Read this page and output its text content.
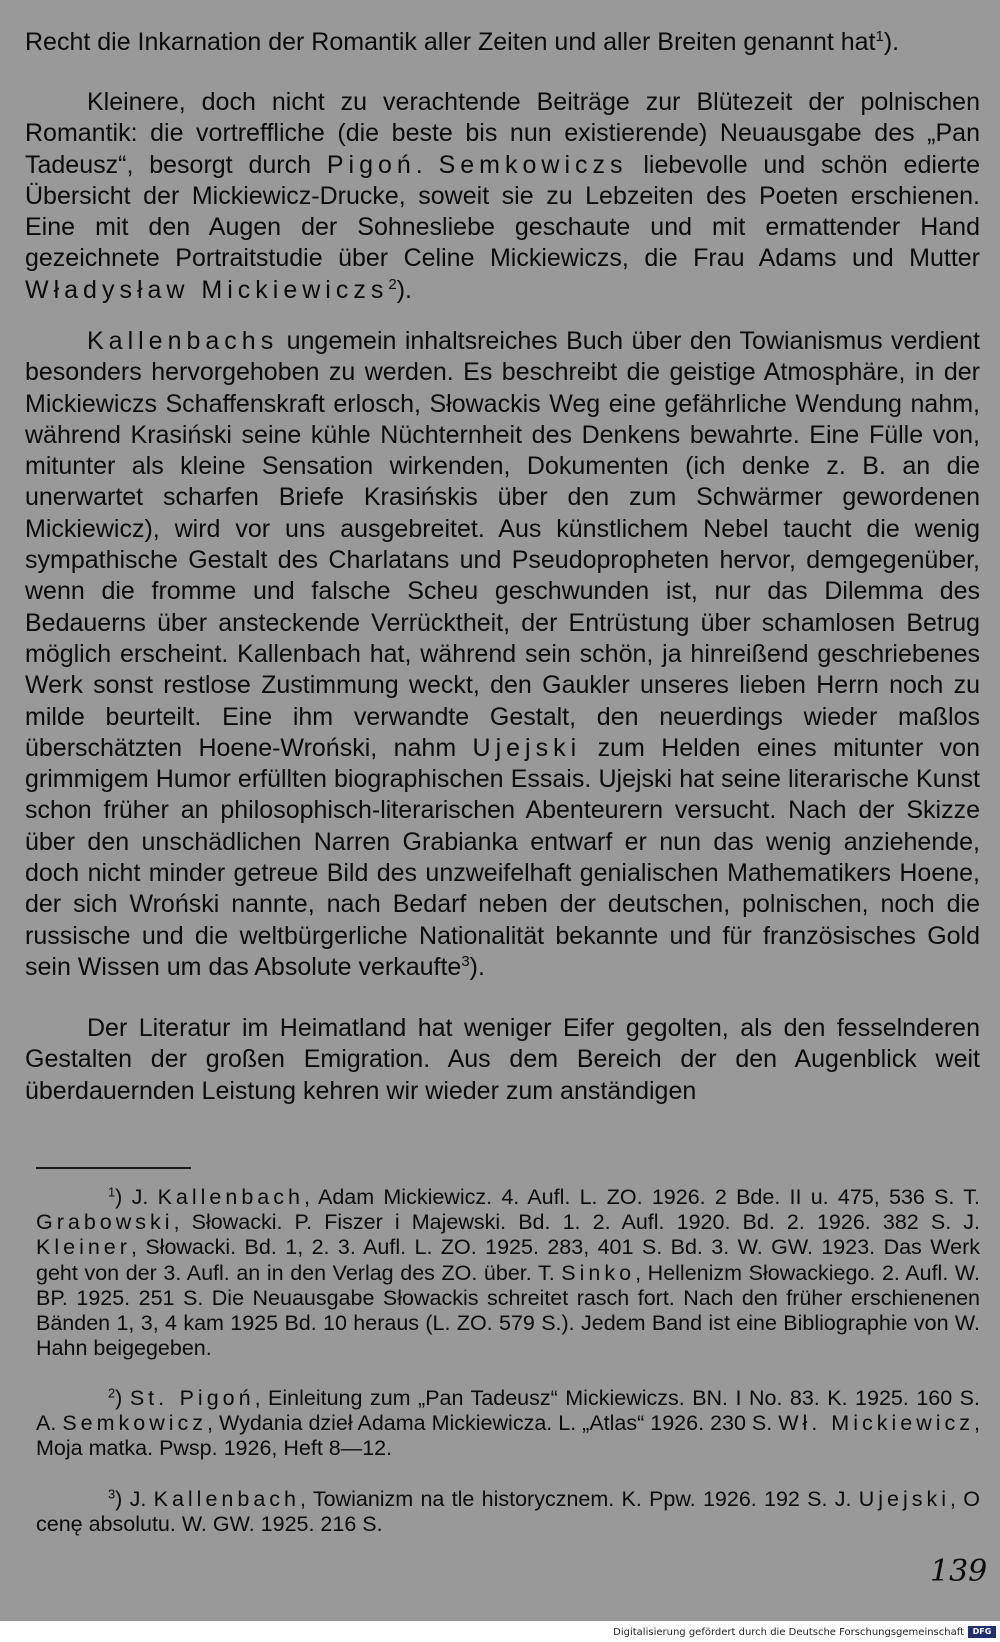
Recht die Inkarnation der Romantik aller Zeiten und aller Breiten genannt hat$^1$).

Kleinere, doch nicht zu verachtende Beiträge zur Blütezeit der polnischen Romantik: die vortreffliche (die beste bis nun existierende) Neuausgabe des „Pan Tadeusz“, besorgt durch Pigoń. Semkowiczs liebevolle und schön edierte Übersicht der Mickiewicz-Drucke, soweit sie zu Lebzeiten des Poeten erschienen. Eine mit den Augen der Sohnesliebe geschaute und mit ermattender Hand gezeichnete Portraitstudie über Celine Mickiewiczs, die Frau Adams und Mutter Władysław Mickiewiczs$^2$).

Kallenbachs ungemein inhaltsreiches Buch über den Towianismus verdient besonders hervorgehoben zu werden. Es beschreibt die geistige Atmosphäre, in der Mickiewiczs Schaffenskraft erlosch, Słowackis Weg eine gefährliche Wendung nahm, während Krasiński seine kühle Nüchternheit des Denkens bewahrte. Eine Fülle von, mitunter als kleine Sensation wirkenden, Dokumenten (ich denke z. B. an die unerwartet scharfen Briefe Krasińskis über den zum Schwärmer gewordenen Mickiewicz), wird vor uns ausgebreitet. Aus künstlichem Nebel taucht die wenig sympathische Gestalt des Charlatans und Pseudopropheten hervor, demgegenüber, wenn die fromme und falsche Scheu geschwunden ist, nur das Dilemma des Bedauerns über ansteckende Verrücktheit, der Entrüstung über schamlosen Betrug möglich erscheint. Kallenbach hat, während sein schön, ja hinreißend geschriebenes Werk sonst restlose Zustimmung weckt, den Gaukler unseres lieben Herrn noch zu milde beurteilt. Eine ihm verwandte Gestalt, den neuerdings wieder maßlos überschätzten Hoene-Wroński, nahm Ujejski zum Helden eines mitunter von grimmigem Humor erfüllten biographischen Essais. Ujejski hat seine literarische Kunst schon früher an philosophisch-literarischen Abenteurern versucht. Nach der Skizze über den unschädlichen Narren Grabianka entwarf er nun das wenig anziehende, doch nicht minder getreue Bild des unzweifelhaft genialischen Mathematikers Hoene, der sich Wroński nannte, nach Bedarf neben der deutschen, polnischen, noch die russische und die weltbürgerliche Nationalität bekannte und für französisches Gold sein Wissen um das Absolute verkaufte$^3$).

Der Literatur im Heimatland hat weniger Eifer gegolten, als den fesselnderen Gestalten der großen Emigration. Aus dem Bereich der den Augenblick weit überdauernden Leistung kehren wir wieder zum anständigen

$^1$) J. Kallenbach, Adam Mickiewicz. 4. Aufl. L. ZO. 1926. 2 Bde. II u. 475, 536 S. T. Grabowski, Słowacki. P. Fiszer i Majewski. Bd. 1. 2. Aufl. 1920. Bd. 2. 1926. 382 S. J. Kleiner, Słowacki. Bd. 1, 2. 3. Aufl. L. ZO. 1925. 283, 401 S. Bd. 3. W. GW. 1923. Das Werk geht von der 3. Aufl. an in den Verlag des ZO. über. T. Sinko, Hellenizm Słowackiego. 2. Aufl. W. BP. 1925. 251 S. Die Neuausgabe Słowackis schreitet rasch fort. Nach den früher erschienenen Bänden 1, 3, 4 kam 1925 Bd. 10 heraus (L. ZO. 579 S.). Jedem Band ist eine Bibliographie von W. Hahn beigegeben.

$^2$) St. Pigoń, Einleitung zum „Pan Tadeusz“ Mickiewiczs. BN. I No. 83. K. 1925. 160 S. A. Semkowicz, Wydania dzieł Adama Mickiewicza. L. „Atlas“ 1926. 230 S. Wł. Mickiewicz, Moja matka. Pwsp. 1926, Heft 8—12.

$^3$) J. Kallenbach, Towianizm na tle historycznem. K. Ppw. 1926. 192 S. J. Ujejski, O cenę absolutu. W. GW. 1925. 216 S.

139
Digitalisierung gefördert durch die Deutsche Forschungsgemeinschaft	DFG
